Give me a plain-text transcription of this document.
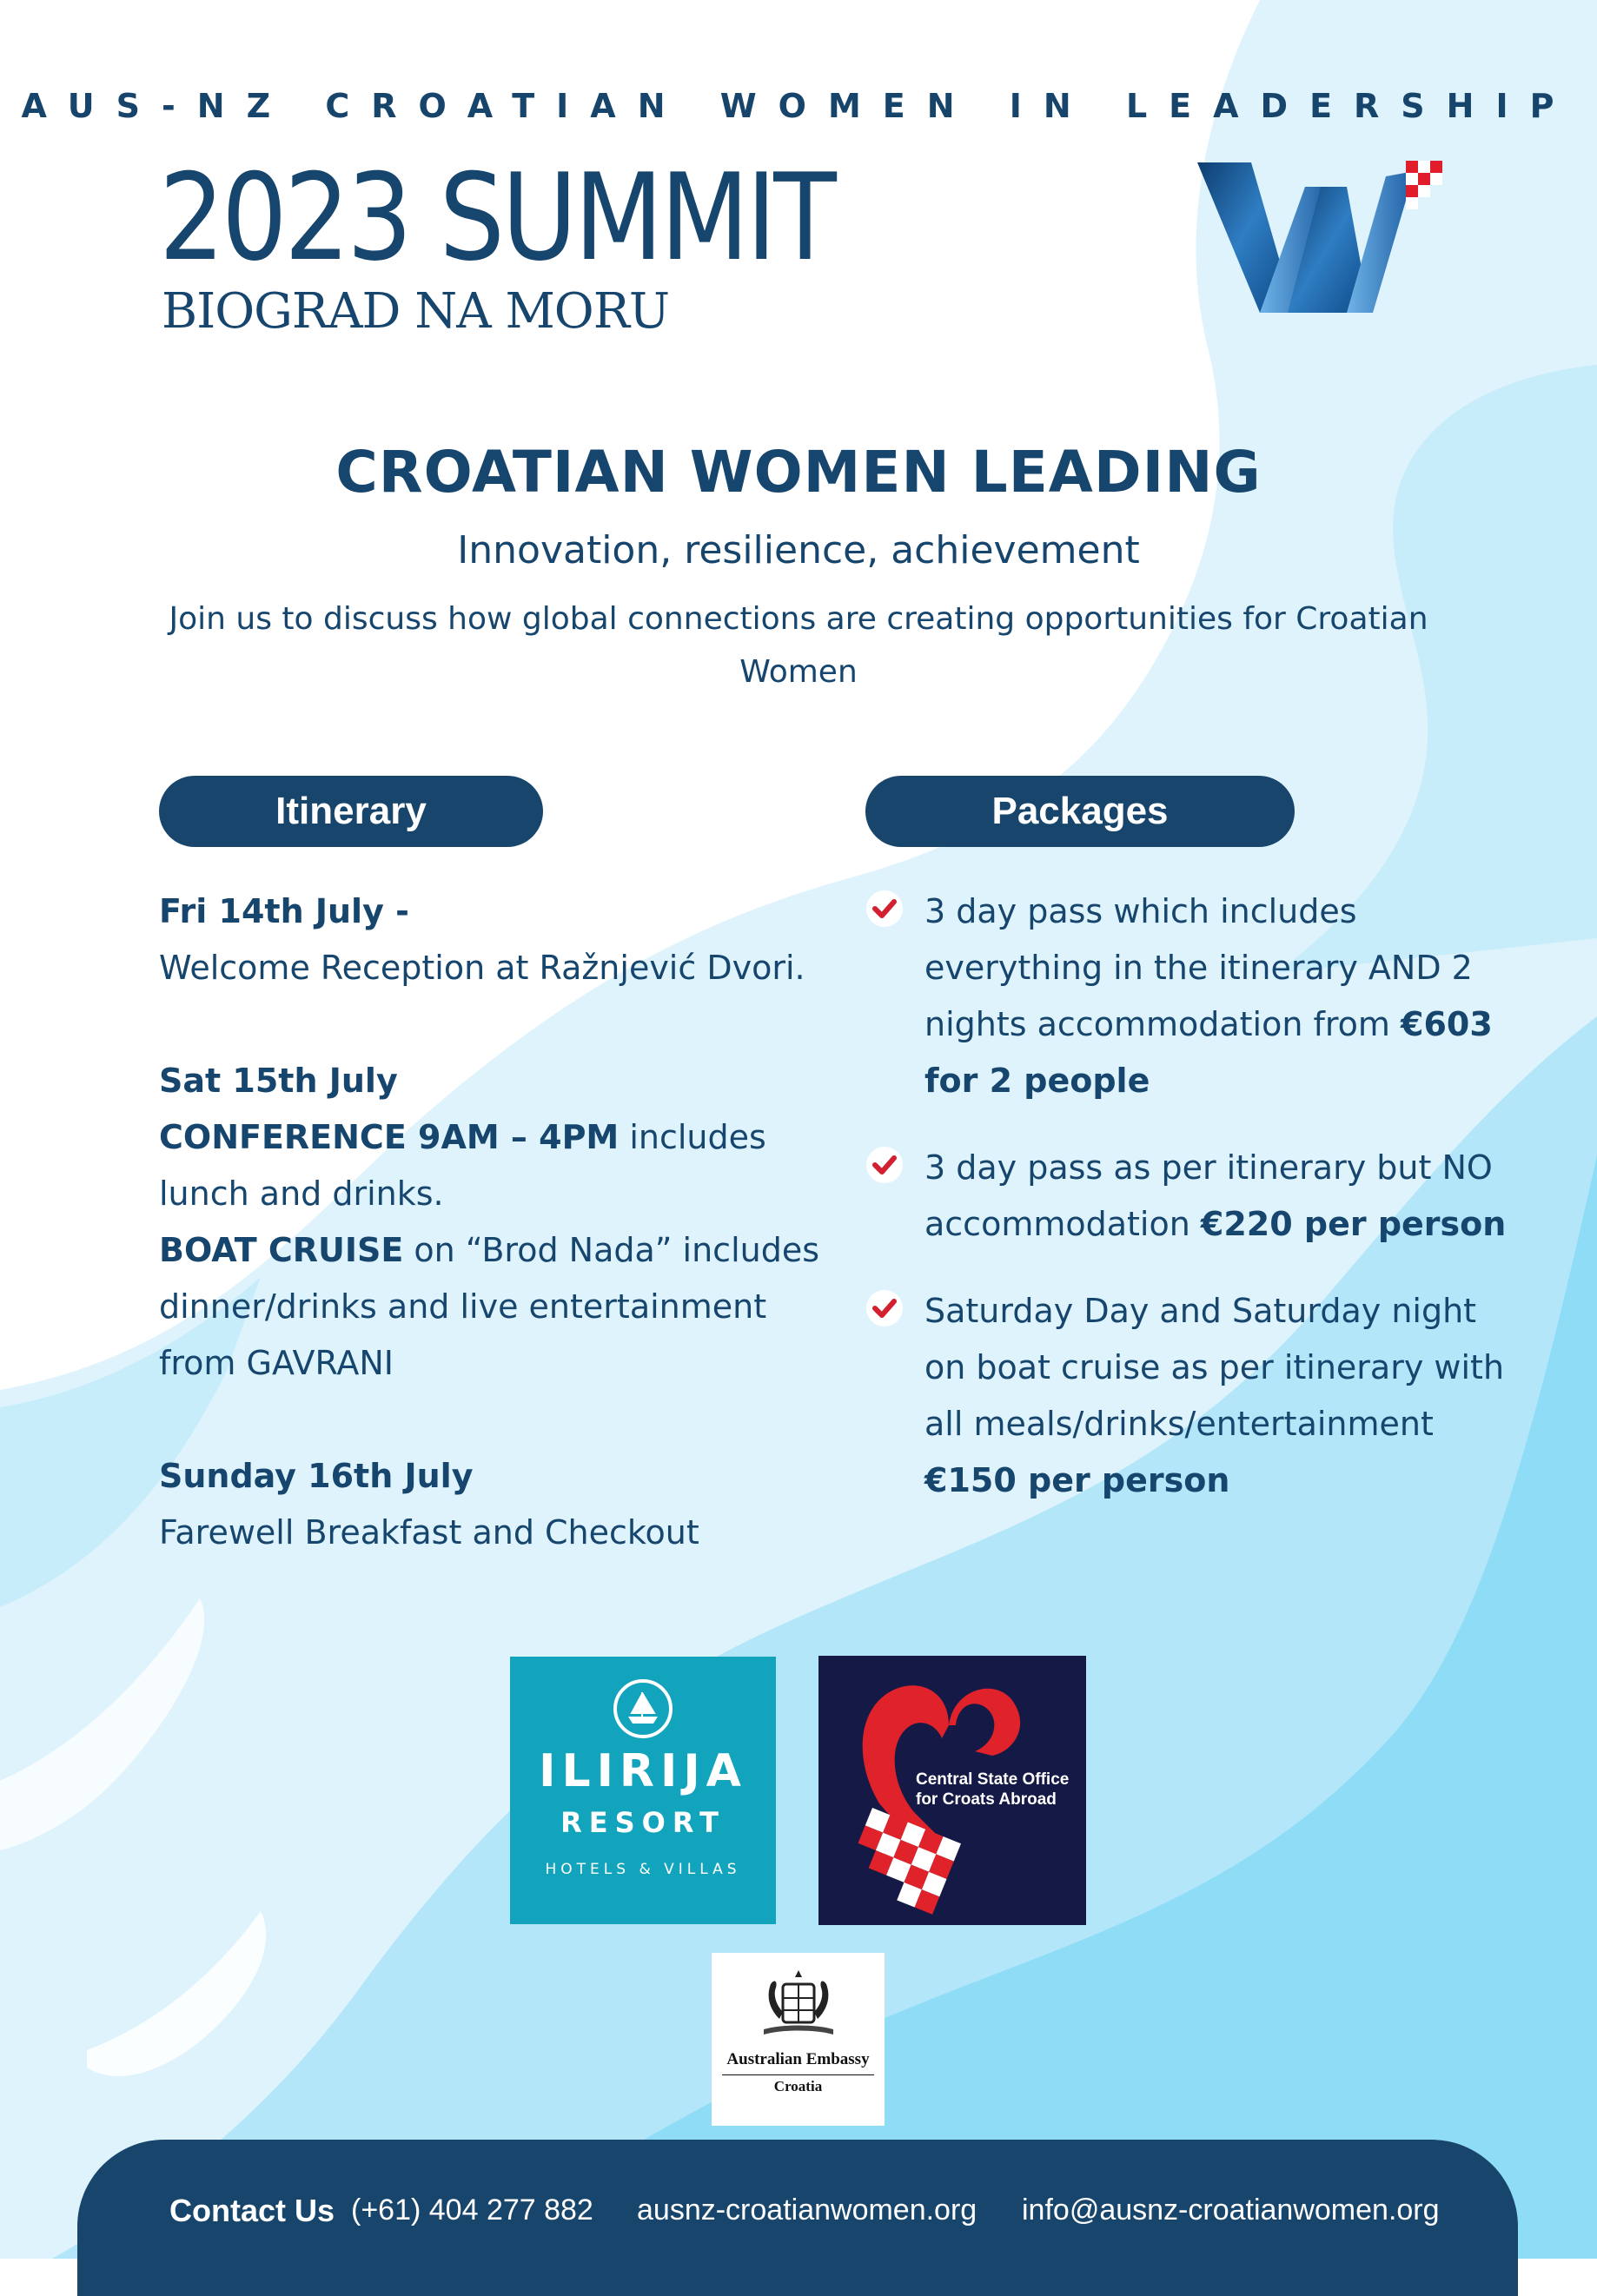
AUS-NZ CROATIAN WOMEN IN LEADERSHIP
2023 SUMMIT
BIOGRAD NA MORU
CROATIAN WOMEN LEADING
Innovation, resilience, achievement
Join us to discuss how global connections are creating opportunities for Croatian Women
Itinerary	Packages
Fri 14th July -
Welcome Reception at Ražnjević Dvori.
Sat 15th July
CONFERENCE 9AM – 4PM includes lunch and drinks.
BOAT CRUISE on “Brod Nada” includes dinner/drinks and live entertainment from GAVRANI
Sunday 16th July
Farewell Breakfast and Checkout
3 day pass which includes everything in the itinerary AND 2 nights accommodation from €603 for 2 people
3 day pass as per itinerary but NO accommodation €220 per person
Saturday Day and Saturday night on boat cruise as per itinerary with all meals/drinks/entertainment €150 per person
ILIRIJA
RESORT
HOTELS & VILLAS
Central State Office for Croats Abroad
Australian Embassy
Croatia
Contact Us (+61) 404 277 882 ausnz-croatianwomen.org info@ausnz-croatianwomen.org
